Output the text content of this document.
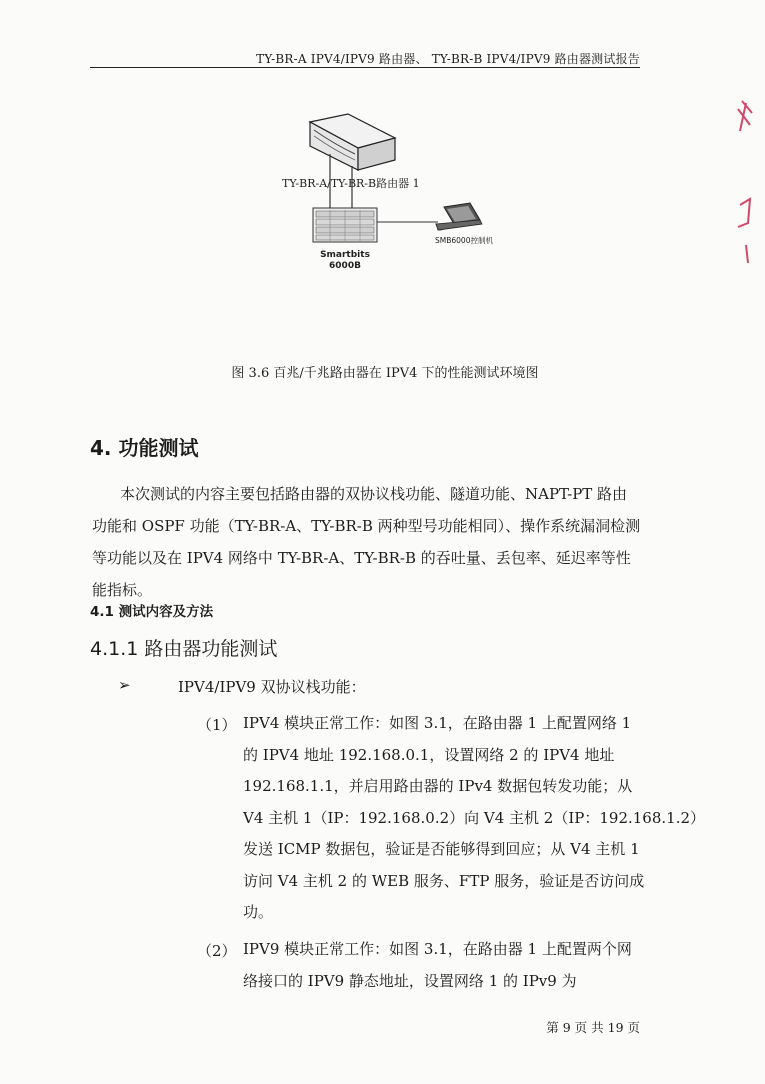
TY-BR-A IPV4/IPV9 路由器、 TY-BR-B IPV4/IPV9 路由器测试报告
TY-BR-A/TY-BR-B路由器 1
Smartbits
6000B
SMB6000控制机
图 3.6 百兆/千兆路由器在 IPV4 下的性能测试环境图
4. 功能测试
本次测试的内容主要包括路由器的双协议栈功能、隧道功能、NAPT-PT 路由
功能和 OSPF 功能（TY-BR-A、TY-BR-B 两种型号功能相同）、操作系统漏洞检测
等功能以及在 IPV4 网络中 TY-BR-A、TY-BR-B 的吞吐量、丢包率、延迟率等性
能指标。
4.1 测试内容及方法
4.1.1 路由器功能测试
➢	IPV4/IPV9 双协议栈功能：
（1） IPV4 模块正常工作：如图 3.1，在路由器 1 上配置网络 1
的 IPV4 地址 192.168.0.1，设置网络 2 的 IPV4 地址
192.168.1.1，并启用路由器的 IPv4 数据包转发功能；从
V4 主机 1（IP：192.168.0.2）向 V4 主机 2（IP：192.168.1.2）
发送 ICMP 数据包，验证是否能够得到回应；从 V4 主机 1
访问 V4 主机 2 的 WEB 服务、FTP 服务，验证是否访问成
功。
（2） IPV9 模块正常工作：如图 3.1，在路由器 1 上配置两个网
络接口的 IPV9 静态地址，设置网络 1 的 IPv9 为
第 9 页 共 19 页
